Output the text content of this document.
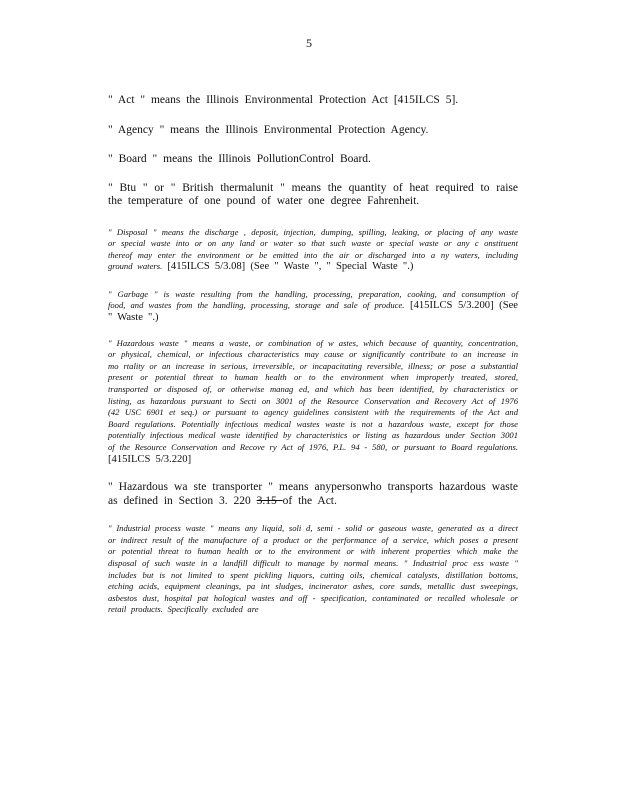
5

" Act " means the Illinois Environmental Protection Act [415ILCS 5].

" Agency " means the Illinois Environmental Protection Agency.

" Board " means the Illinois PollutionControl Board.

" Btu " or " British thermalunit " means the quantity of heat required to raise the temperature of one pound of water one degree Fahrenheit.

" Disposal " means the discharge , deposit, injection, dumping, spilling, leaking, or placing of any waste or special waste into or on any land or water so that such waste or special waste or any c onstituent thereof may enter the environment or be emitted into the air or discharged into a ny waters, including ground waters. [415ILCS 5/3.08] (See " Waste ", " Special Waste ".)

" Garbage " is waste resulting from the handling, processing, preparation, cooking, and consumption of food, and wastes from the handling, processing, storage and sale of produce. [415ILCS 5/3.200] (See " Waste ".)

" Hazardous waste " means a waste, or combination of w astes, which because of quantity, concentration, or physical, chemical, or infectious characteristics may cause or significantly contribute to an increase in mo rtality or an increase in serious, irreversible, or incapacitating reversible, illness; or pose a substantial present or potential threat to human health or to the environment when improperly treated, stored, transported or disposed of, or otherwise manag ed, and which has been identified, by characteristics or listing, as hazardous pursuant to Secti on 3001 of the Resource Conservation and Recovery Act of 1976 (42 USC 6901 et seq.) or pursuant to agency guidelines consistent with the requirements of the Act and Board regulations. Potentially infectious medical wastes waste is not a hazardous waste, except for those potentially infectious medical waste identified by characteristics or listing as hazardous under Section 3001 of the Resource Conservation and Recove ry Act of 1976, P.L. 94 - 580, or pursuant to Board regulations. [415ILCS 5/3.220]

" Hazardous wa ste transporter " means anypersonwho transports hazardous waste as defined in Section 3. 220 3.15 of the Act.

" Industrial process waste " means any liquid, soli d, semi - solid or gaseous waste, generated as a direct or indirect result of the manufacture of a product or the performance of a service, which poses a present or potential threat to human health or to the environment or with inherent properties which make the disposal of such waste in a landfill difficult to manage by normal means. " Industrial proc ess waste " includes but is not limited to spent pickling liquors, cutting oils, chemical catalysts, distillation bottoms, etching acids, equipment cleanings, pa int sludges, incinerator ashes, core sands, metallic dust sweepings, asbestos dust, hospital pat hological wastes and off - specification, contaminated or recalled wholesale or retail products. Specifically excluded are
